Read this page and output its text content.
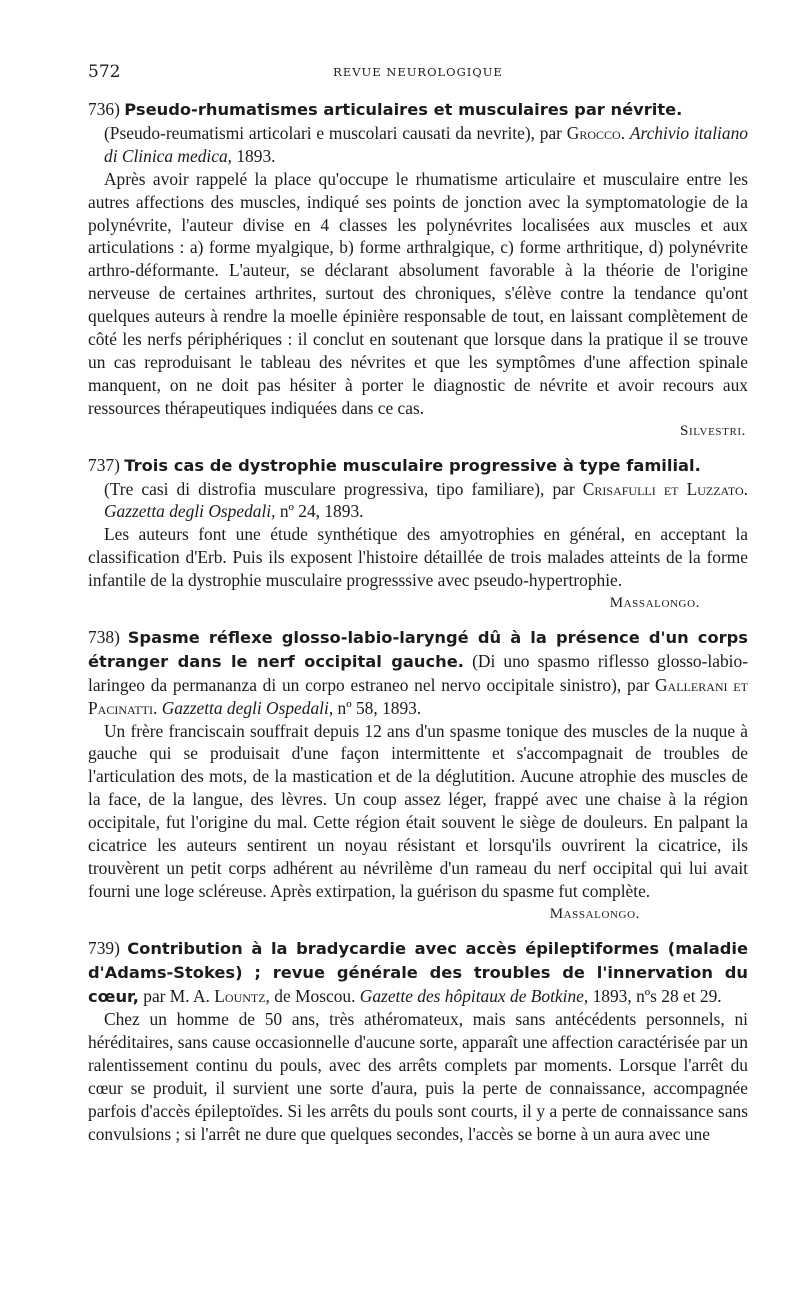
572	REVUE NEUROLOGIQUE
736) Pseudo-rhumatismes articulaires et musculaires par névrite.
(Pseudo-reumatismi articolari e muscolari causati da nevrite), par Grocco. Archivio italiano di Clinica medica, 1893.

Après avoir rappelé la place qu'occupe le rhumatisme articulaire et musculaire entre les autres affections des muscles, indiqué ses points de jonction avec la symptomatologie de la polynévrite, l'auteur divise en 4 classes les polynévrites localisées aux muscles et aux articulations : a) forme myalgique, b) forme arthralgique, c) forme arthritique, d) polynévrite arthro-déformante. L'auteur, se déclarant absolument favorable à la théorie de l'origine nerveuse de certaines arthrites, surtout des chroniques, s'élève contre la tendance qu'ont quelques auteurs à rendre la moelle épinière responsable de tout, en laissant complètement de côté les nerfs périphériques : il conclut en soutenant que lorsque dans la pratique il se trouve un cas reproduisant le tableau des névrites et que les symptômes d'une affection spinale manquent, on ne doit pas hésiter à porter le diagnostic de névrite et avoir recours aux ressources thérapeutiques indiquées dans ce cas.

Silvestri.
737) Trois cas de dystrophie musculaire progressive à type familial.
(Tre casi di distrofia musculare progressiva, tipo familiare), par Crisafulli et Luzzato. Gazzetta degli Ospedali, nº 24, 1893.

Les auteurs font une étude synthétique des amyotrophies en général, en acceptant la classification d'Erb. Puis ils exposent l'histoire détaillée de trois malades atteints de la forme infantile de la dystrophie musculaire progresssive avec pseudo-hypertrophie.

Massalongo.
738) Spasme réflexe glosso-labio-laryngé dû à la présence d'un corps étranger dans le nerf occipital gauche. (Di uno spasmo riflesso glosso-labio-laringeo da permananza di un corpo estraneo nel nervo occipitale sinistro), par Gallerani et Pacinatti. Gazzetta degli Ospedali, nº 58, 1893.

Un frère franciscain souffrait depuis 12 ans d'un spasme tonique des muscles de la nuque à gauche qui se produisait d'une façon intermittente et s'accompagnait de troubles de l'articulation des mots, de la mastication et de la déglutition. Aucune atrophie des muscles de la face, de la langue, des lèvres. Un coup assez léger, frappé avec une chaise à la région occipitale, fut l'origine du mal. Cette région était souvent le siège de douleurs. En palpant la cicatrice les auteurs sentirent un noyau résistant et lorsqu'ils ouvrirent la cicatrice, ils trouvèrent un petit corps adhérent au névrilème d'un rameau du nerf occipital qui lui avait fourni une loge scléreuse. Après extirpation, la guérison du spasme fut complète.

Massalongo.
739) Contribution à la bradycardie avec accès épileptiformes (maladie d'Adams-Stokes) ; revue générale des troubles de l'innervation du cœur, par M. A. Lountz, de Moscou. Gazette des hôpitaux de Botkine, 1893, nºs 28 et 29.

Chez un homme de 50 ans, très athéromateux, mais sans antécédents personnels, ni héréditaires, sans cause occasionnelle d'aucune sorte, apparaît une affection caractérisée par un ralentissement continu du pouls, avec des arrêts complets par moments. Lorsque l'arrêt du cœur se produit, il survient une sorte d'aura, puis la perte de connaissance, accompagnée parfois d'accès épileptoïdes. Si les arrêts du pouls sont courts, il y a perte de connaissance sans convulsions ; si l'arrêt ne dure que quelques secondes, l'accès se borne à un aura avec une
